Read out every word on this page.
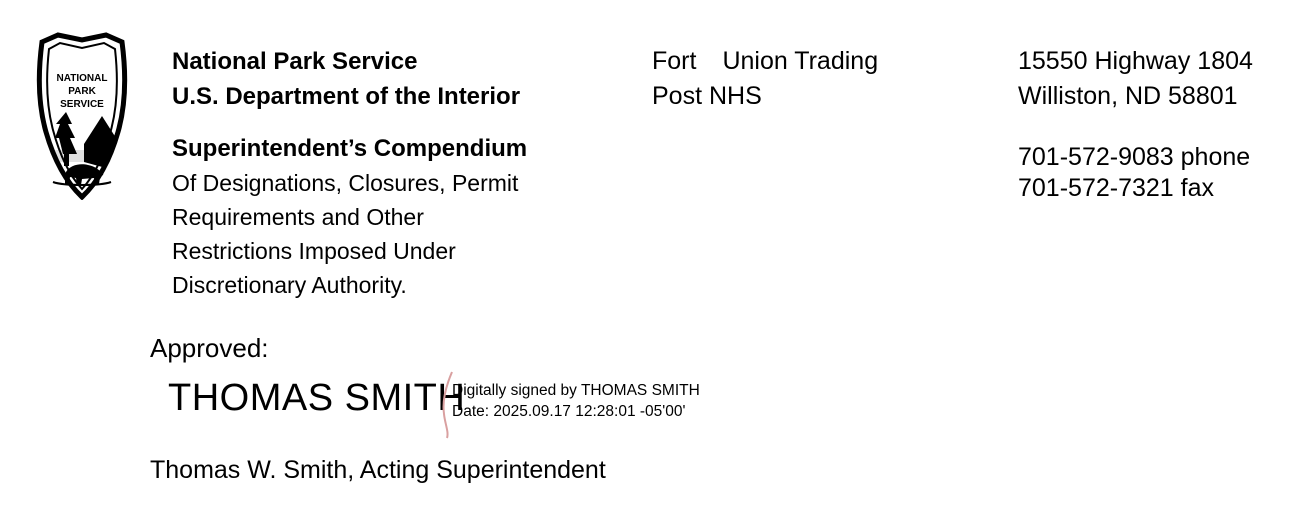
NATIONAL
PARK
SERVICE
National Park Service
U.S. Department of the Interior
Superintendent’s Compendium
Of Designations, Closures, Permit
Requirements and Other
Restrictions Imposed Under
Discretionary Authority.
Fort Union Trading
Post NHS
15550 Highway 1804
Williston, ND 58801
701-572-9083 phone
701-572-7321 fax
Approved:
THOMAS SMITH
Digitally signed by THOMAS SMITH
Date: 2025.09.17 12:28:01 -05'00'
Thomas W. Smith, Acting Superintendent
